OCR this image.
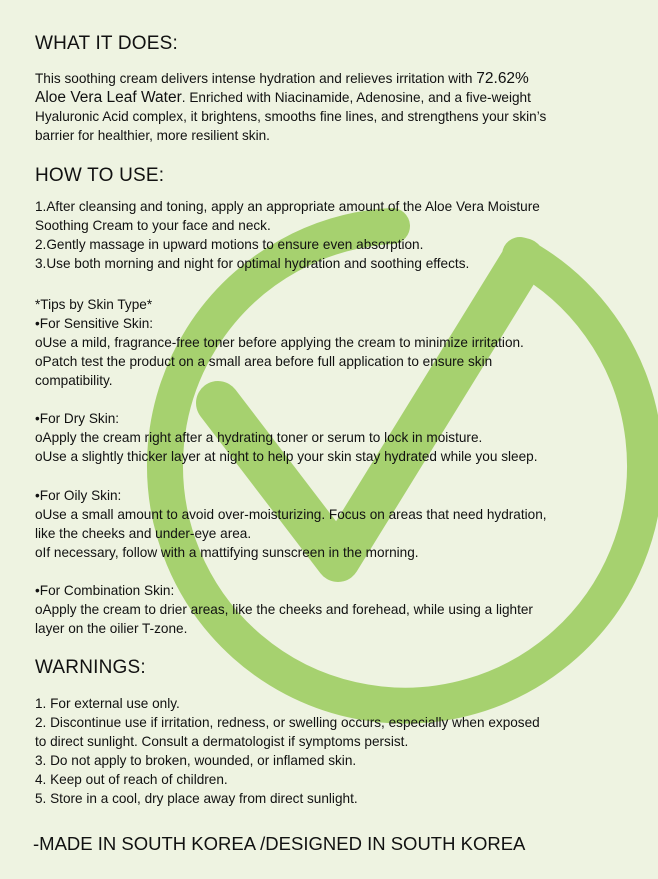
WHAT IT DOES:
This soothing cream delivers intense hydration and relieves irritation with 72.62%
Aloe Vera Leaf Water. Enriched with Niacinamide, Adenosine, and a five-weight
Hyaluronic Acid complex, it brightens, smooths fine lines, and strengthens your skin’s
barrier for healthier, more resilient skin.
HOW TO USE:
1.After cleansing and toning, apply an appropriate amount of the Aloe Vera Moisture
Soothing Cream to your face and neck.
2.Gently massage in upward motions to ensure even absorption.
3.Use both morning and night for optimal hydration and soothing effects.
*Tips by Skin Type*
•For Sensitive Skin:
oUse a mild, fragrance-free toner before applying the cream to minimize irritation.
oPatch test the product on a small area before full application to ensure skin
compatibility.
•For Dry Skin:
oApply the cream right after a hydrating toner or serum to lock in moisture.
oUse a slightly thicker layer at night to help your skin stay hydrated while you sleep.
•For Oily Skin:
oUse a small amount to avoid over-moisturizing. Focus on areas that need hydration,
like the cheeks and under-eye area.
oIf necessary, follow with a mattifying sunscreen in the morning.
•For Combination Skin:
oApply the cream to drier areas, like the cheeks and forehead, while using a lighter
layer on the oilier T-zone.
WARNINGS:
1. For external use only.
2. Discontinue use if irritation, redness, or swelling occurs, especially when exposed
to direct sunlight. Consult a dermatologist if symptoms persist.
3. Do not apply to broken, wounded, or inflamed skin.
4. Keep out of reach of children.
5. Store in a cool, dry place away from direct sunlight.
-MADE IN SOUTH KOREA /DESIGNED IN SOUTH KOREA
